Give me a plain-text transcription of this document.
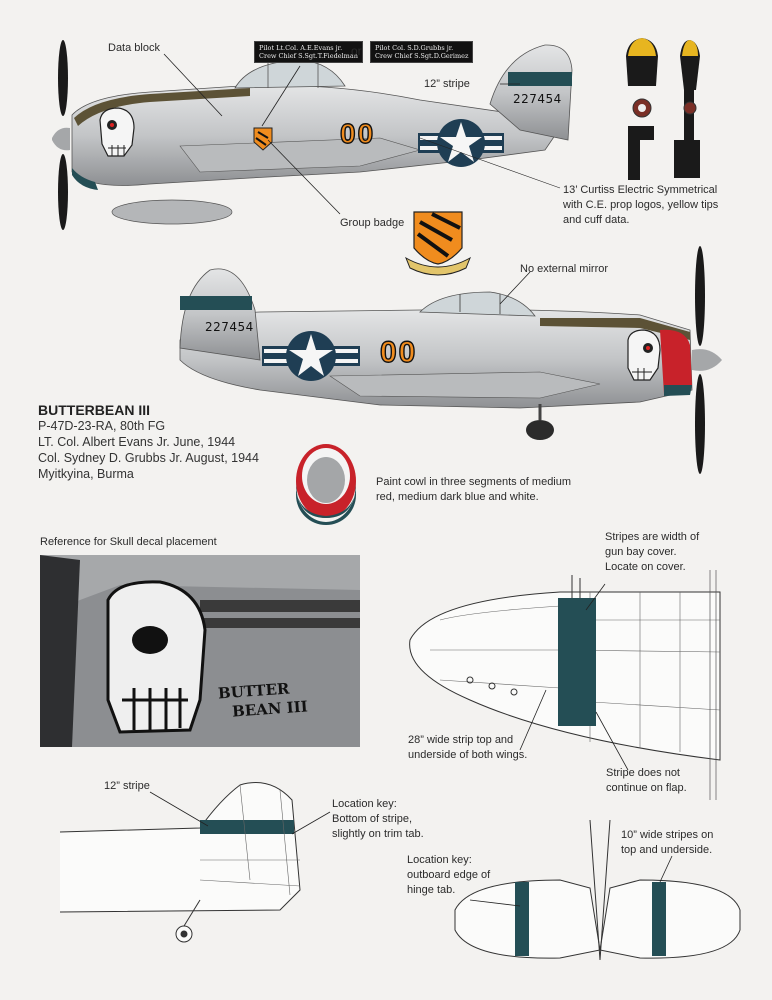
Data block	Pilot Lt.Col. A.E.Evans jr.
Crew Chief S.Sgt.T.Fiedelman
or	Pilot Col. S.D.Grubbs jr.
Crew Chief S.Sgt.D.Gerimez
12” stripe
227454
00
13’ Curtiss Electric Symmetrical
with C.E. prop logos, yellow tips
and cuff data.
Group badge
No external mirror
227454
00
BUTTERBEAN III
P-47D-23-RA, 80th FG
LT. Col. Albert Evans Jr. June, 1944
Col. Sydney D. Grubbs Jr. August, 1944
Myitkyina, Burma
Paint cowl in three segments of medium
red, medium dark blue and white.
Reference for Skull decal placement
BUTTER
BEAN III
Stripes are width of
gun bay cover.
Locate on cover.
28” wide strip top and
underside of both wings.
Stripe does not
continue on flap.
12” stripe
Location key:
Bottom of stripe,
slightly on trim tab.	10” wide stripes on
top and underside.
Location key:
outboard edge of
hinge tab.
